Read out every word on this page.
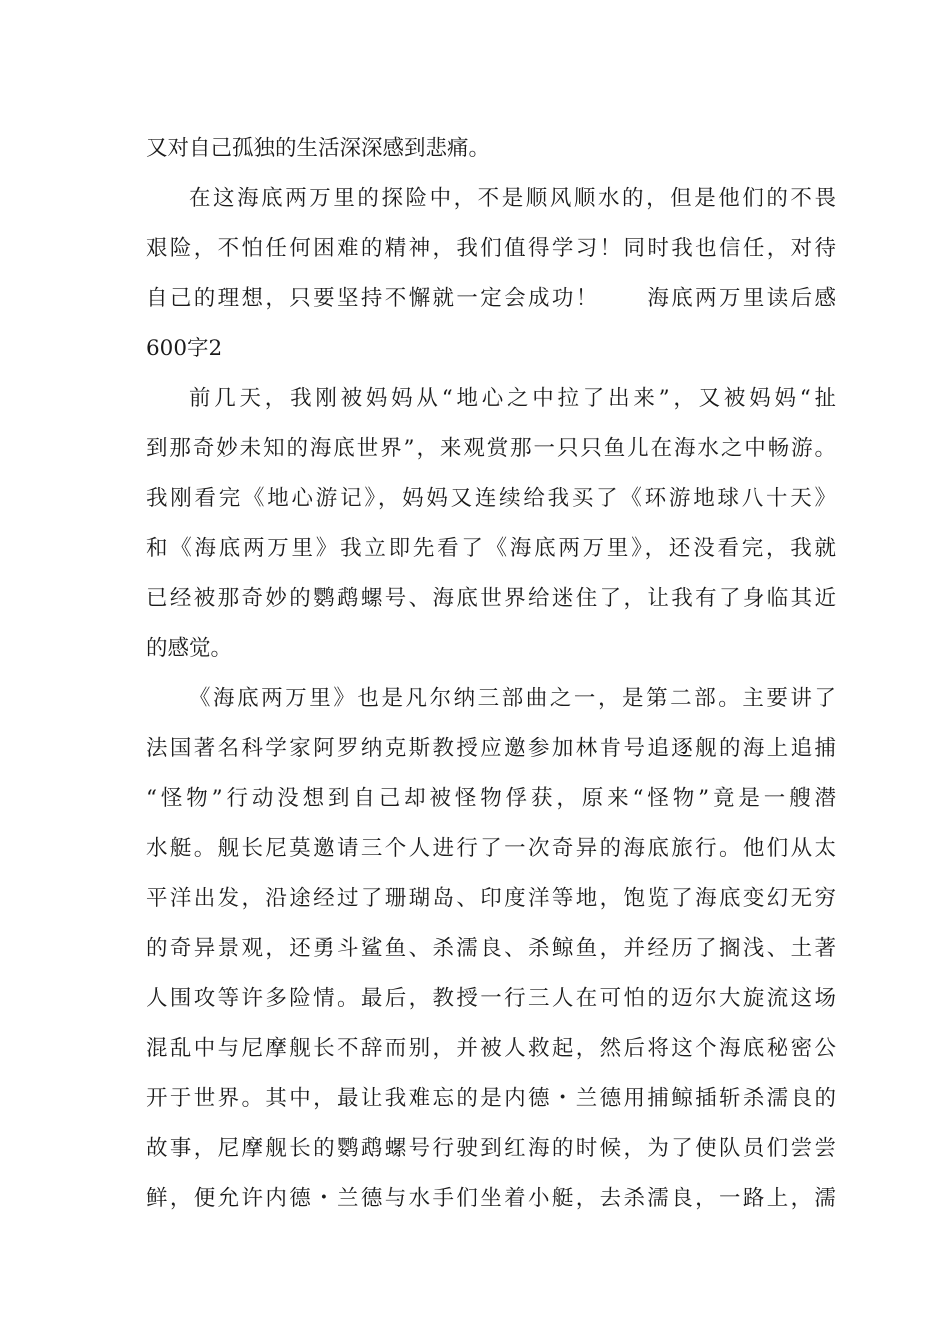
又对自己孤独的生活深深感到悲痛。
在这海底两万里的探险中，不是顺风顺水的，但是他们的不畏
艰险，不怕任何困难的精神，我们值得学习！同时我也信任，对待
自己的理想，只要坚持不懈就一定会成功！　　海底两万里读后感
600字2
前几天，我刚被妈妈从“地心之中拉了出来”，又被妈妈“扯
到那奇妙未知的海底世界”，来观赏那一只只鱼儿在海水之中畅游。
我刚看完《地心游记》，妈妈又连续给我买了《环游地球八十天》
和《海底两万里》我立即先看了《海底两万里》，还没看完，我就
已经被那奇妙的鹦鹉螺号、海底世界给迷住了，让我有了身临其近
的感觉。
《海底两万里》也是凡尔纳三部曲之一，是第二部。主要讲了
法国著名科学家阿罗纳克斯教授应邀参加林肯号追逐舰的海上追捕
“怪物”行动没想到自己却被怪物俘获，原来“怪物”竟是一艘潜
水艇。舰长尼莫邀请三个人进行了一次奇异的海底旅行。他们从太
平洋出发，沿途经过了珊瑚岛、印度洋等地，饱览了海底变幻无穷
的奇异景观，还勇斗鲨鱼、杀濡良、杀鲸鱼，并经历了搁浅、土著
人围攻等许多险情。最后，教授一行三人在可怕的迈尔大旋流这场
混乱中与尼摩舰长不辞而别，并被人救起，然后将这个海底秘密公
开于世界。其中，最让我难忘的是内德・兰德用捕鲸插斩杀濡良的
故事，尼摩舰长的鹦鹉螺号行驶到红海的时候，为了使队员们尝尝
鲜，便允许内德・兰德与水手们坐着小艇，去杀濡良，一路上，濡
